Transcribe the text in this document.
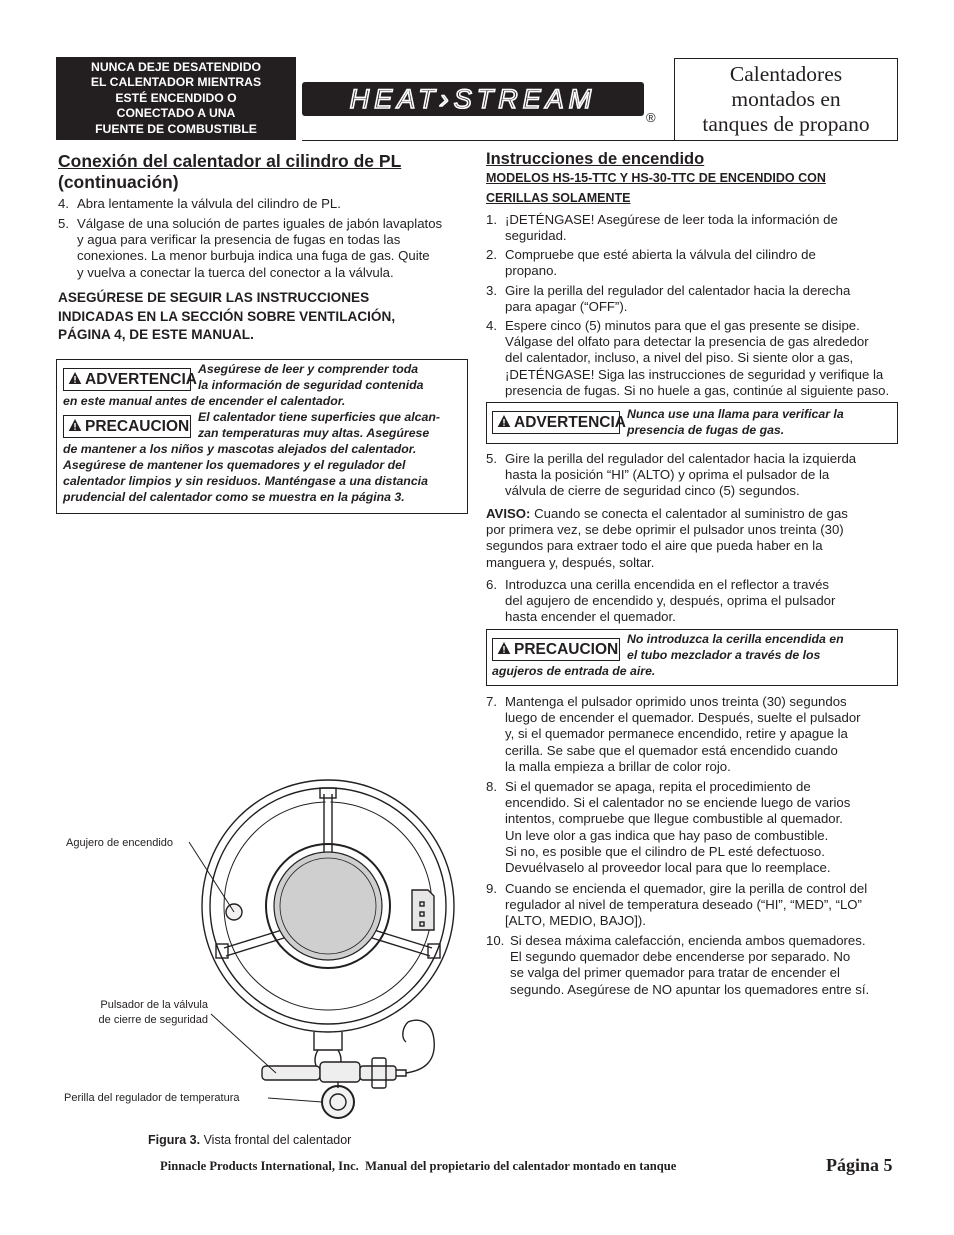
NUNCA DEJE DESATENDIDO
EL CALENTADOR MIENTRAS
ESTÉ ENCENDIDO O
CONECTADO A UNA
FUENTE DE COMBUSTIBLE
HEAT›STREAM
®
Calentadores
montados en
tanques de propano
Conexión del calentador al cilindro de PL
(continuación)
4. Abra lentamente la válvula del cilindro de PL.
5. Válgase de una solución de partes iguales de jabón lavaplatos
y agua para verificar la presencia de fugas en todas las
conexiones. La menor burbuja indica una fuga de gas. Quite
y vuelva a conectar la tuerca del conector a la válvula.
ASEGÚRESE DE SEGUIR LAS INSTRUCCIONES
INDICADAS EN LA SECCIÓN SOBRE VENTILACIÓN,
PÁGINA 4, DE ESTE MANUAL.
ADVERTENCIA
Asegúrese de leer y comprender toda
la información de seguridad contenida
en este manual antes de encender el calentador.
PRECAUCION
El calentador tiene superficies que alcan-
zan temperaturas muy altas. Asegúrese
de mantener a los niños y mascotas alejados del calentador.
Asegúrese de mantener los quemadores y el regulador del
calentador limpios y sin residuos. Manténgase a una distancia
prudencial del calentador como se muestra en la página 3.
Agujero de encendido
Pulsador de la válvula
de cierre de seguridad
Perilla del regulador de temperatura
Figura 3. Vista frontal del calentador
Instrucciones de encendido
MODELOS HS-15-TTC Y HS-30-TTC DE ENCENDIDO CON
CERILLAS SOLAMENTE
1. ¡DETÉNGASE! Asegúrese de leer toda la información de
seguridad.
2. Compruebe que esté abierta la válvula del cilindro de
propano.
3. Gire la perilla del regulador del calentador hacia la derecha
para apagar (“OFF”).
4. Espere cinco (5) minutos para que el gas presente se disipe.
Válgase del olfato para detectar la presencia de gas alrededor
del calentador, incluso, a nivel del piso. Si siente olor a gas,
¡DETÉNGASE! Siga las instrucciones de seguridad y verifique la
presencia de fugas. Si no huele a gas, continúe al siguiente paso.
ADVERTENCIA Nunca use una llama para verificar la
presencia de fugas de gas.
5. Gire la perilla del regulador del calentador hacia la izquierda
hasta la posición “HI” (ALTO) y oprima el pulsador de la
válvula de cierre de seguridad cinco (5) segundos.
AVISO: Cuando se conecta el calentador al suministro de gas
por primera vez, se debe oprimir el pulsador unos treinta (30)
segundos para extraer todo el aire que pueda haber en la
manguera y, después, soltar.
6. Introduzca una cerilla encendida en el reflector a través
del agujero de encendido y, después, oprima el pulsador
hasta encender el quemador.
PRECAUCION
No introduzca la cerilla encendida en
el tubo mezclador a través de los
agujeros de entrada de aire.
7. Mantenga el pulsador oprimido unos treinta (30) segundos
luego de encender el quemador. Después, suelte el pulsador
y, si el quemador permanece encendido, retire y apague la
cerilla. Se sabe que el quemador está encendido cuando
la malla empieza a brillar de color rojo.
8. Si el quemador se apaga, repita el procedimiento de
encendido. Si el calentador no se enciende luego de varios
intentos, compruebe que llegue combustible al quemador.
Un leve olor a gas indica que hay paso de combustible.
Si no, es posible que el cilindro de PL esté defectuoso.
Devuélvaselo al proveedor local para que lo reemplace.
9. Cuando se encienda el quemador, gire la perilla de control del
regulador al nivel de temperatura deseado (“HI”, “MED”, “LO”
[ALTO, MEDIO, BAJO]).
10. Si desea máxima calefacción, encienda ambos quemadores.
El segundo quemador debe encenderse por separado. No
se valga del primer quemador para tratar de encender el
segundo. Asegúrese de NO apuntar los quemadores entre sí.
Pinnacle Products International, Inc.  Manual del propietario del calentador montado en tanque	Página 5
